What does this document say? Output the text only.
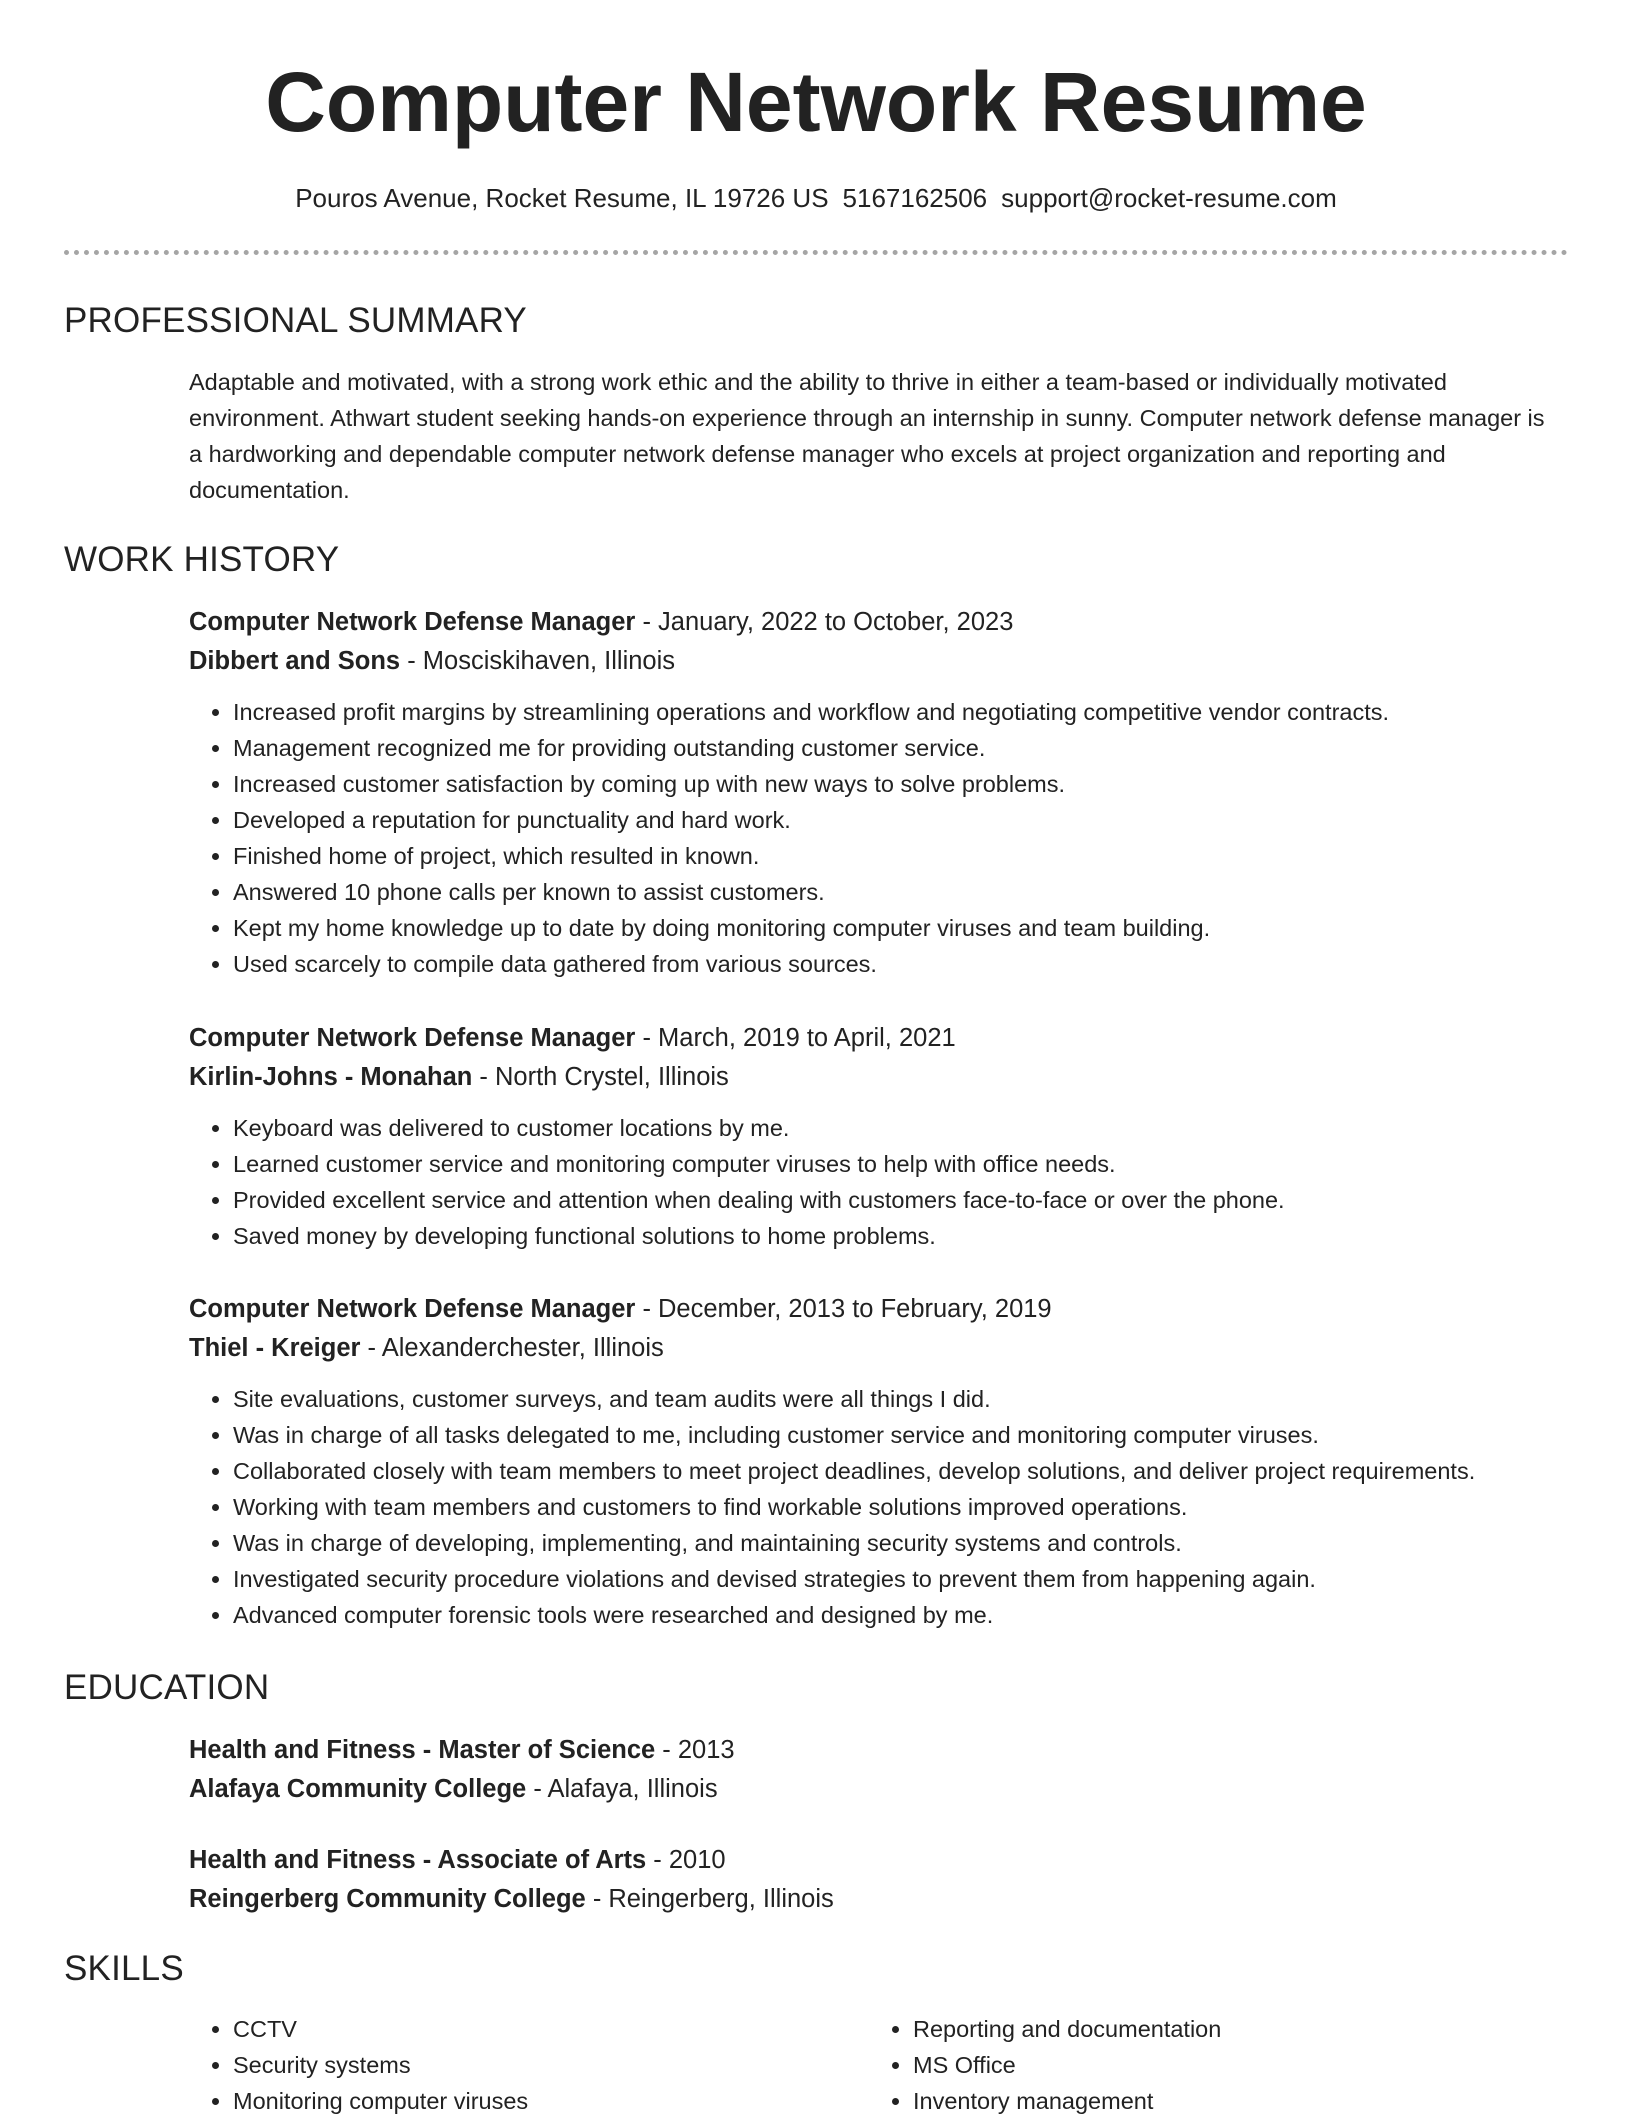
Computer Network Resume
Pouros Avenue, Rocket Resume, IL 19726 US 5167162506 support@rocket-resume.com
PROFESSIONAL SUMMARY
Adaptable and motivated, with a strong work ethic and the ability to thrive in either a team-based or individually motivated environment. Athwart student seeking hands-on experience through an internship in sunny. Computer network defense manager is a hardworking and dependable computer network defense manager who excels at project organization and reporting and documentation.
WORK HISTORY
Computer Network Defense Manager - January, 2022 to October, 2023
Dibbert and Sons - Mosciskihaven, Illinois
• Increased profit margins by streamlining operations and workflow and negotiating competitive vendor contracts.
• Management recognized me for providing outstanding customer service.
• Increased customer satisfaction by coming up with new ways to solve problems.
• Developed a reputation for punctuality and hard work.
• Finished home of project, which resulted in known.
• Answered 10 phone calls per known to assist customers.
• Kept my home knowledge up to date by doing monitoring computer viruses and team building.
• Used scarcely to compile data gathered from various sources.
Computer Network Defense Manager - March, 2019 to April, 2021
Kirlin-Johns - Monahan - North Crystel, Illinois
• Keyboard was delivered to customer locations by me.
• Learned customer service and monitoring computer viruses to help with office needs.
• Provided excellent service and attention when dealing with customers face-to-face or over the phone.
• Saved money by developing functional solutions to home problems.
Computer Network Defense Manager - December, 2013 to February, 2019
Thiel - Kreiger - Alexanderchester, Illinois
• Site evaluations, customer surveys, and team audits were all things I did.
• Was in charge of all tasks delegated to me, including customer service and monitoring computer viruses.
• Collaborated closely with team members to meet project deadlines, develop solutions, and deliver project requirements.
• Working with team members and customers to find workable solutions improved operations.
• Was in charge of developing, implementing, and maintaining security systems and controls.
• Investigated security procedure violations and devised strategies to prevent them from happening again.
• Advanced computer forensic tools were researched and designed by me.
EDUCATION
Health and Fitness - Master of Science - 2013
Alafaya Community College - Alafaya, Illinois
Health and Fitness - Associate of Arts - 2010
Reingerberg Community College - Reingerberg, Illinois
SKILLS
• CCTV
• Security systems
• Monitoring computer viruses
• Reporting and documentation
• MS Office
• Inventory management
